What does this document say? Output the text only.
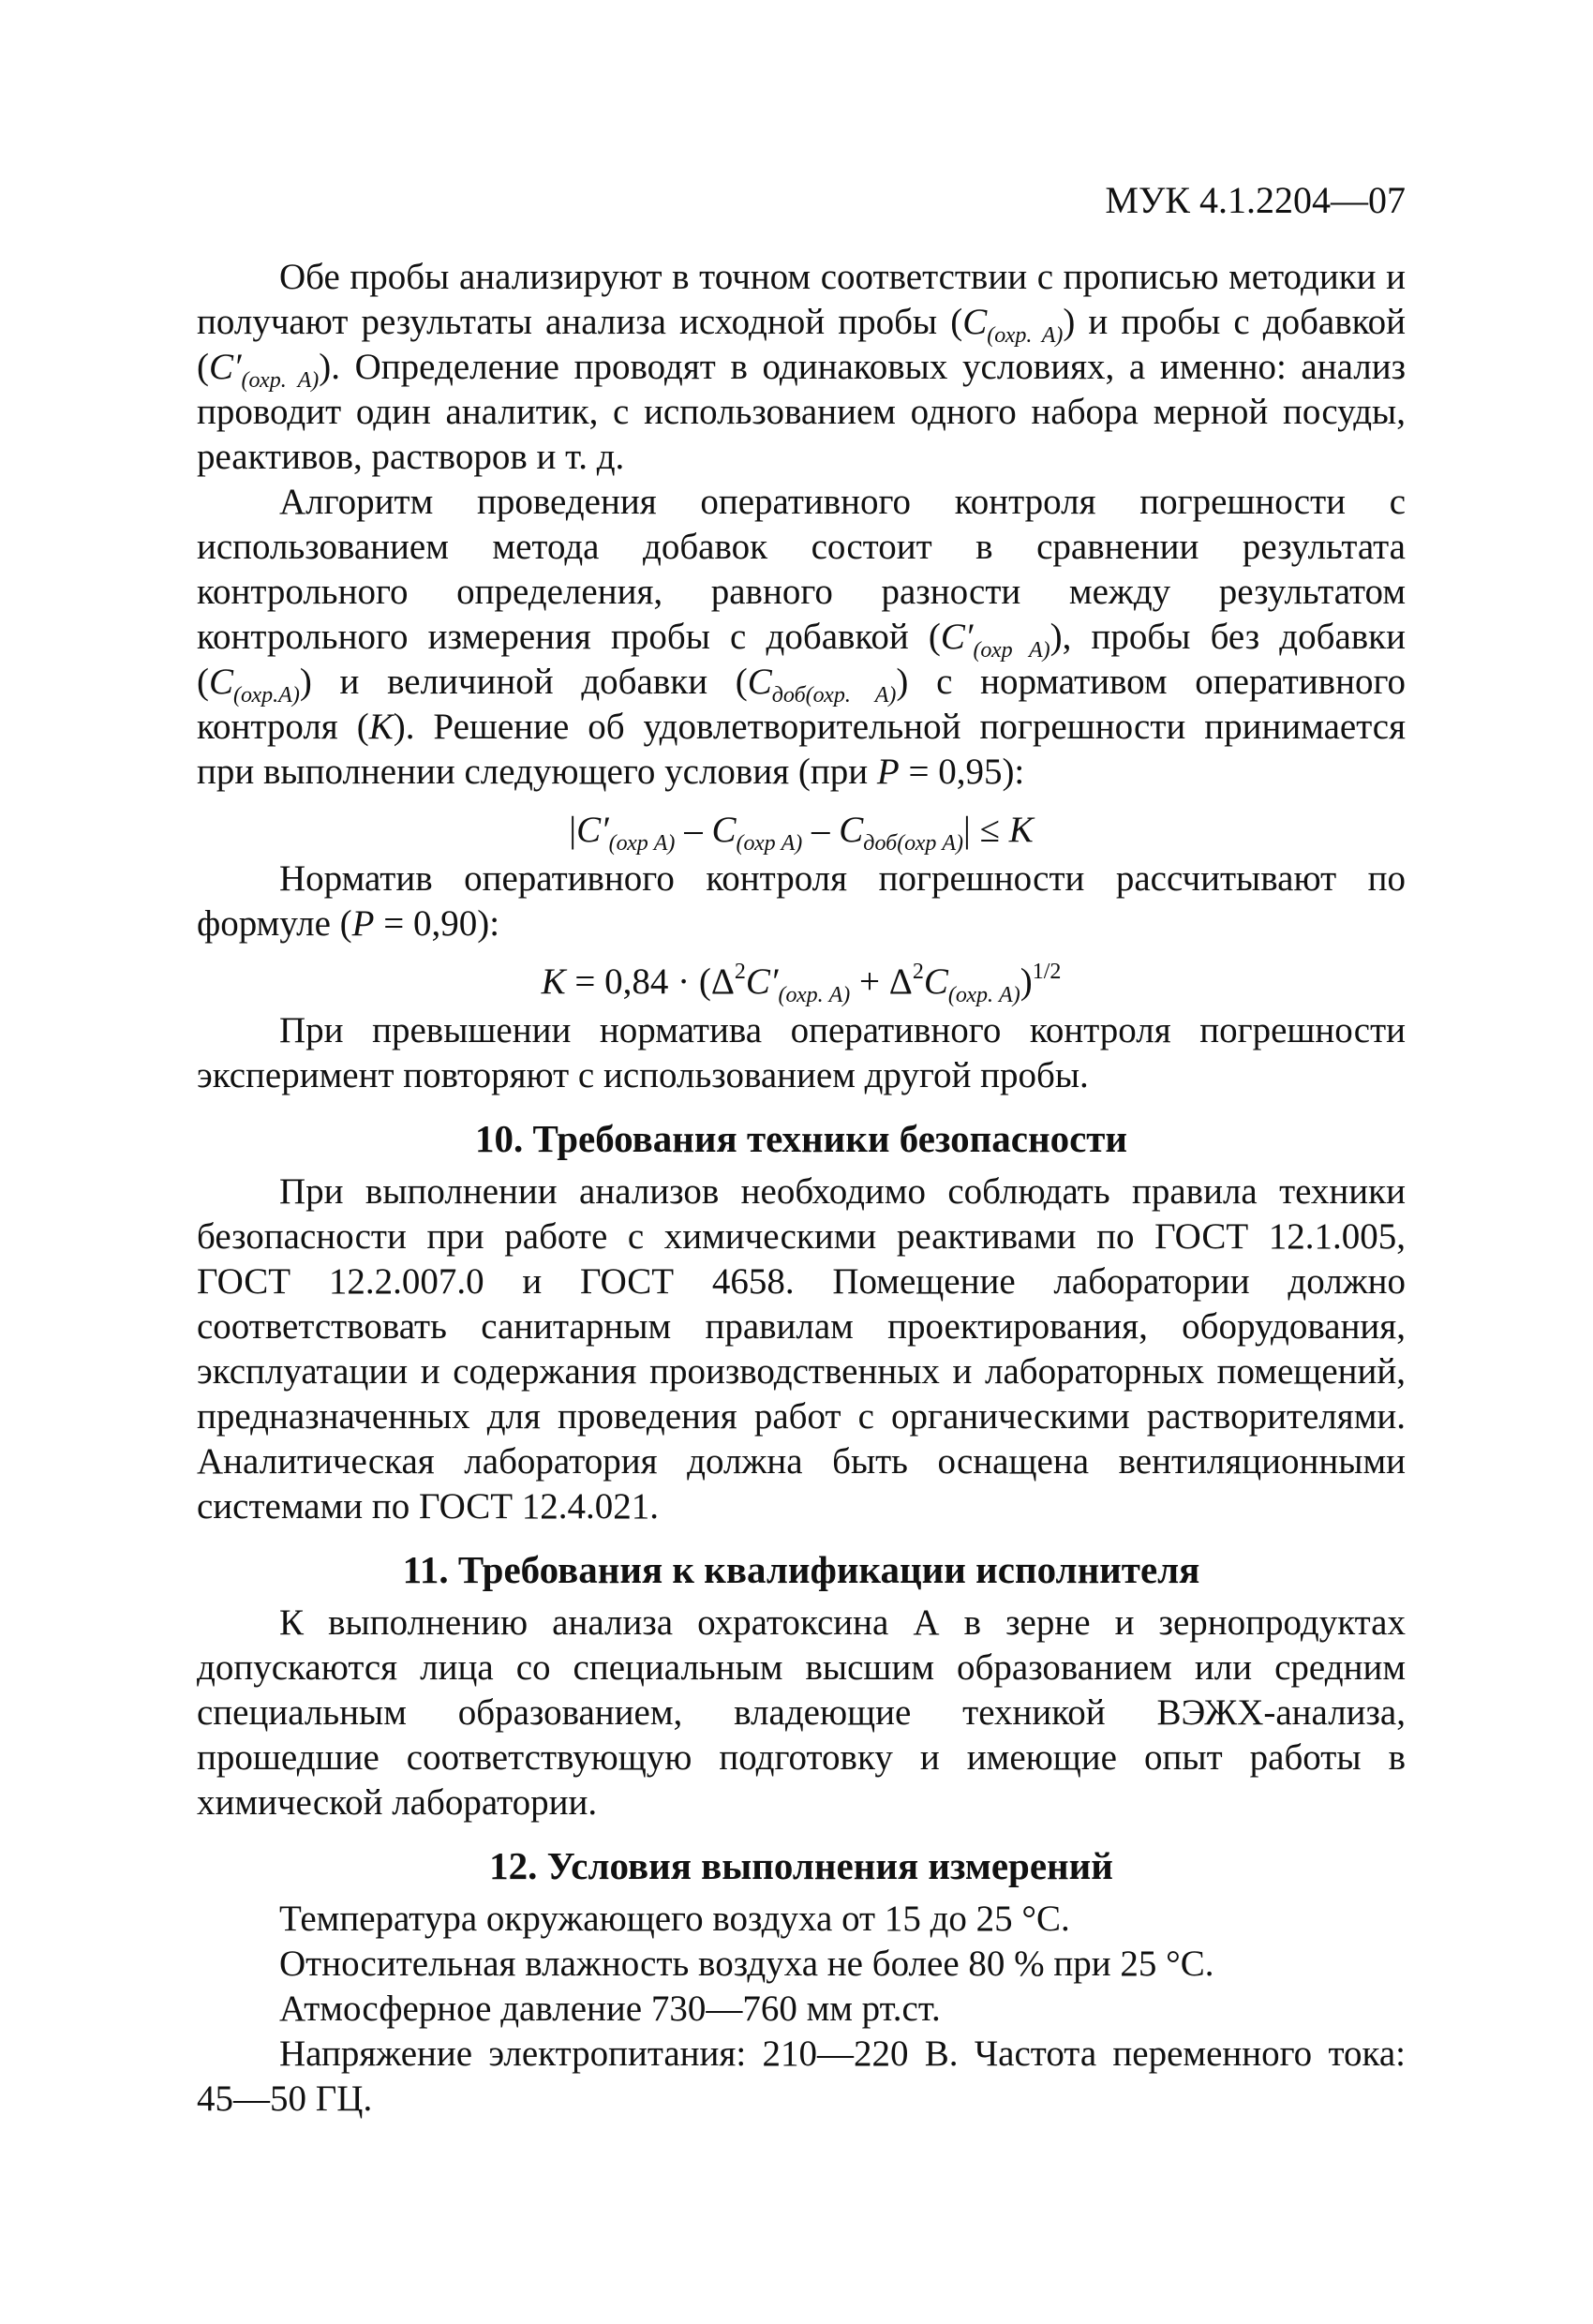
МУК 4.1.2204—07

Обе пробы анализируют в точном соответствии с прописью методики и получают результаты анализа исходной пробы $(C_{(охр. А)})$ и пробы с добавкой $(C'_{(охр. А)})$. Определение проводят в одинаковых условиях, а именно: анализ проводит один аналитик, с использованием одного набора мерной посуды, реактивов, растворов и т. д.

Алгоритм проведения оперативного контроля погрешности с использованием метода добавок состоит в сравнении результата контрольного определения, равного разности между результатом контрольного измерения пробы с добавкой $(C'_{(охр А)})$, пробы без добавки $(C_{(охр.А)})$ и величиной добавки $(C_{доб(охр. А)})$ с нормативом оперативного контроля (K). Решение об удовлетворительной погрешности принимается при выполнении следующего условия (при P = 0,95):

$|C'_{(охр А)} - C_{(охр А)} - C_{доб(охр А)}| \le K$

Норматив оперативного контроля погрешности рассчитывают по формуле (P = 0,90):

$K = 0,84 \cdot (\Delta^2C'_{(охр. А)} + \Delta^2C_{(охр. А)})^{1/2}$

При превышении норматива оперативного контроля погрешности эксперимент повторяют с использованием другой пробы.

10. Требования техники безопасности

При выполнении анализов необходимо соблюдать правила техники безопасности при работе с химическими реактивами по ГОСТ 12.1.005, ГОСТ 12.2.007.0 и ГОСТ 4658. Помещение лаборатории должно соответствовать санитарным правилам проектирования, оборудования, эксплуатации и содержания производственных и лабораторных помещений, предназначенных для проведения работ с органическими растворителями. Аналитическая лаборатория должна быть оснащена вентиляционными системами по ГОСТ 12.4.021.

11. Требования к квалификации исполнителя

К выполнению анализа охратоксина А в зерне и зернопродуктах допускаются лица со специальным высшим образованием или средним специальным образованием, владеющие техникой ВЭЖХ-анализа, прошедшие соответствующую подготовку и имеющие опыт работы в химической лаборатории.

12. Условия выполнения измерений

Температура окружающего воздуха от 15 до 25 °С.

Относительная влажность воздуха не более 80 % при 25 °С.

Атмосферное давление 730—760 мм рт.ст.

Напряжение электропитания: 210—220 В. Частота переменного тока: 45—50 ГЦ.
